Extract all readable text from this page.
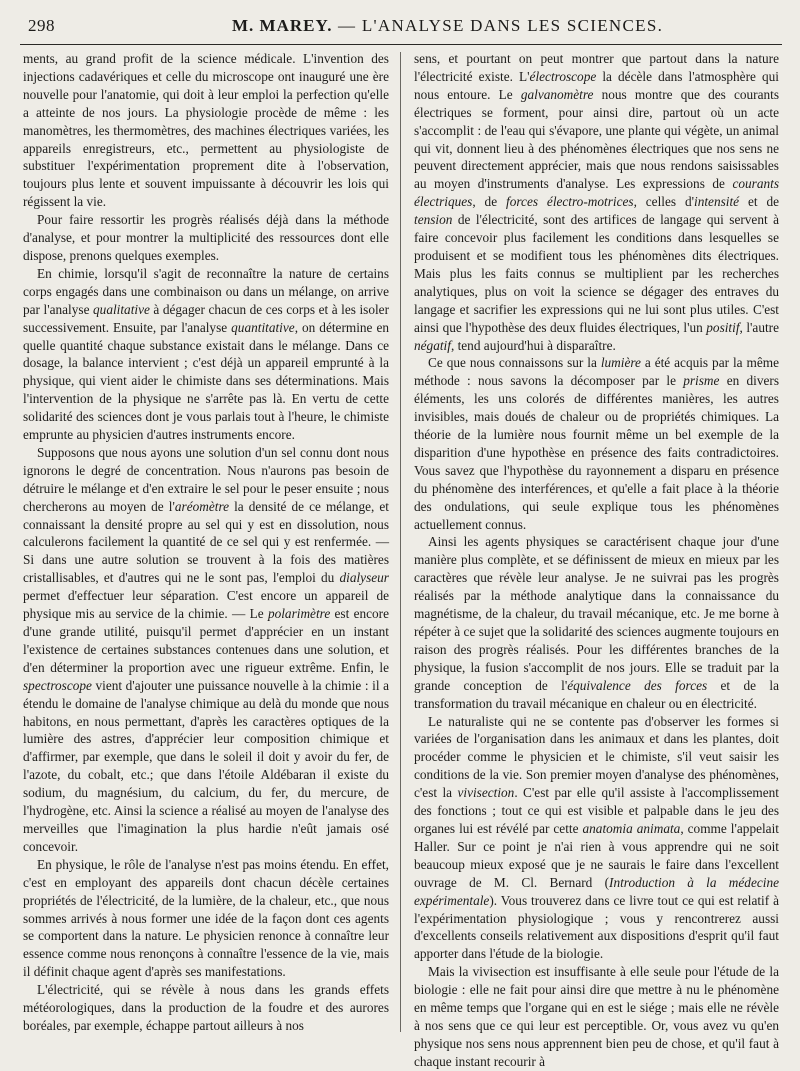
298	M. MAREY. — L'ANALYSE DANS LES SCIENCES.

ments, au grand profit de la science médicale. L'invention des injections cadavériques et celle du microscope ont inauguré une ère nouvelle pour l'anatomie, qui doit à leur emploi la perfection qu'elle a atteinte de nos jours. La physiologie procède de même : les manomètres, les thermomètres, des machines électriques variées, les appareils enregistreurs, etc., permettent au physiologiste de substituer l'expérimentation proprement dite à l'observation, toujours plus lente et souvent impuissante à découvrir les lois qui régissent la vie.

Pour faire ressortir les progrès réalisés déjà dans la méthode d'analyse, et pour montrer la multiplicité des ressources dont elle dispose, prenons quelques exemples.

En chimie, lorsqu'il s'agit de reconnaître la nature de certains corps engagés dans une combinaison ou dans un mélange, on arrive par l'analyse qualitative à dégager chacun de ces corps et à les isoler successivement. Ensuite, par l'analyse quantitative, on détermine en quelle quantité chaque substance existait dans le mélange. Dans ce dosage, la balance intervient ; c'est déjà un appareil emprunté à la physique, qui vient aider le chimiste dans ses déterminations. Mais l'intervention de la physique ne s'arrête pas là. En vertu de cette solidarité des sciences dont je vous parlais tout à l'heure, le chimiste emprunte au physicien d'autres instruments encore.

Supposons que nous ayons une solution d'un sel connu dont nous ignorons le degré de concentration. Nous n'aurons pas besoin de détruire le mélange et d'en extraire le sel pour le peser ensuite ; nous chercherons au moyen de l'aréomètre la densité de ce mélange, et connaissant la densité propre au sel qui y est en dissolution, nous calculerons facilement la quantité de ce sel qui y est renfermée. — Si dans une autre solution se trouvent à la fois des matières cristallisables, et d'autres qui ne le sont pas, l'emploi du dialyseur permet d'effectuer leur séparation. C'est encore un appareil de physique mis au service de la chimie. — Le polarimètre est encore d'une grande utilité, puisqu'il permet d'apprécier en un instant l'existence de certaines substances contenues dans une solution, et d'en déterminer la proportion avec une rigueur extrême. Enfin, le spectroscope vient d'ajouter une puissance nouvelle à la chimie : il a étendu le domaine de l'analyse chimique au delà du monde que nous habitons, en nous permettant, d'après les caractères optiques de la lumière des astres, d'apprécier leur composition chimique et d'affirmer, par exemple, que dans le soleil il doit y avoir du fer, de l'azote, du cobalt, etc.; que dans l'étoile Aldébaran il existe du sodium, du magnésium, du calcium, du fer, du mercure, de l'hydrogène, etc. Ainsi la science a réalisé au moyen de l'analyse des merveilles que l'imagination la plus hardie n'eût jamais osé concevoir.

En physique, le rôle de l'analyse n'est pas moins étendu. En effet, c'est en employant des appareils dont chacun décèle certaines propriétés de l'électricité, de la lumière, de la chaleur, etc., que nous sommes arrivés à nous former une idée de la façon dont ces agents se comportent dans la nature. Le physicien renonce à connaître leur essence comme nous renonçons à connaître l'essence de la vie, mais il définit chaque agent d'après ses manifestations.

L'électricité, qui se révèle à nous dans les grands effets météorologiques, dans la production de la foudre et des aurores boréales, par exemple, échappe partout ailleurs à nos

sens, et pourtant on peut montrer que partout dans la nature l'électricité existe. L'électroscope la décèle dans l'atmosphère qui nous entoure. Le galvanomètre nous montre que des courants électriques se forment, pour ainsi dire, partout où un acte s'accomplit : de l'eau qui s'évapore, une plante qui végète, un animal qui vit, donnent lieu à des phénomènes électriques que nos sens ne peuvent directement apprécier, mais que nous rendons saisissables au moyen d'instruments d'analyse. Les expressions de courants électriques, de forces électro-motrices, celles d'intensité et de tension de l'électricité, sont des artifices de langage qui servent à faire concevoir plus facilement les conditions dans lesquelles se produisent et se modifient tous les phénomènes dits électriques. Mais plus les faits connus se multiplient par les recherches analytiques, plus on voit la science se dégager des entraves du langage et sacrifier les expressions qui ne lui sont plus utiles. C'est ainsi que l'hypothèse des deux fluides électriques, l'un positif, l'autre négatif, tend aujourd'hui à disparaître.

Ce que nous connaissons sur la lumière a été acquis par la même méthode : nous savons la décomposer par le prisme en divers éléments, les uns colorés de différentes manières, les autres invisibles, mais doués de chaleur ou de propriétés chimiques. La théorie de la lumière nous fournit même un bel exemple de la disparition d'une hypothèse en présence des faits contradictoires. Vous savez que l'hypothèse du rayonnement a disparu en présence du phénomène des interférences, et qu'elle a fait place à la théorie des ondulations, qui seule explique tous les phénomènes actuellement connus.

Ainsi les agents physiques se caractérisent chaque jour d'une manière plus complète, et se définissent de mieux en mieux par les caractères que révèle leur analyse. Je ne suivrai pas les progrès réalisés par la méthode analytique dans la connaissance du magnétisme, de la chaleur, du travail mécanique, etc. Je me borne à répéter à ce sujet que la solidarité des sciences augmente toujours en raison des progrès réalisés. Pour les différentes branches de la physique, la fusion s'accomplit de nos jours. Elle se traduit par la grande conception de l'équivalence des forces et de la transformation du travail mécanique en chaleur ou en électricité.

Le naturaliste qui ne se contente pas d'observer les formes si variées de l'organisation dans les animaux et dans les plantes, doit procéder comme le physicien et le chimiste, s'il veut saisir les conditions de la vie. Son premier moyen d'analyse des phénomènes, c'est la vivisection. C'est par elle qu'il assiste à l'accomplissement des fonctions ; tout ce qui est visible et palpable dans le jeu des organes lui est révélé par cette anatomia animata, comme l'appelait Haller. Sur ce point je n'ai rien à vous apprendre qui ne soit beaucoup mieux exposé que je ne saurais le faire dans l'excellent ouvrage de M. Cl. Bernard (Introduction à la médecine expérimentale). Vous trouverez dans ce livre tout ce qui est relatif à l'expérimentation physiologique ; vous y rencontrerez aussi d'excellents conseils relativement aux dispositions d'esprit qu'il faut apporter dans l'étude de la biologie.

Mais la vivisection est insuffisante à elle seule pour l'étude de la biologie : elle ne fait pour ainsi dire que mettre à nu le phénomène en même temps que l'organe qui en est le siége ; mais elle ne révèle à nos sens que ce qui leur est perceptible. Or, vous avez vu qu'en physique nos sens nous apprennent bien peu de chose, et qu'il faut à chaque instant recourir à
